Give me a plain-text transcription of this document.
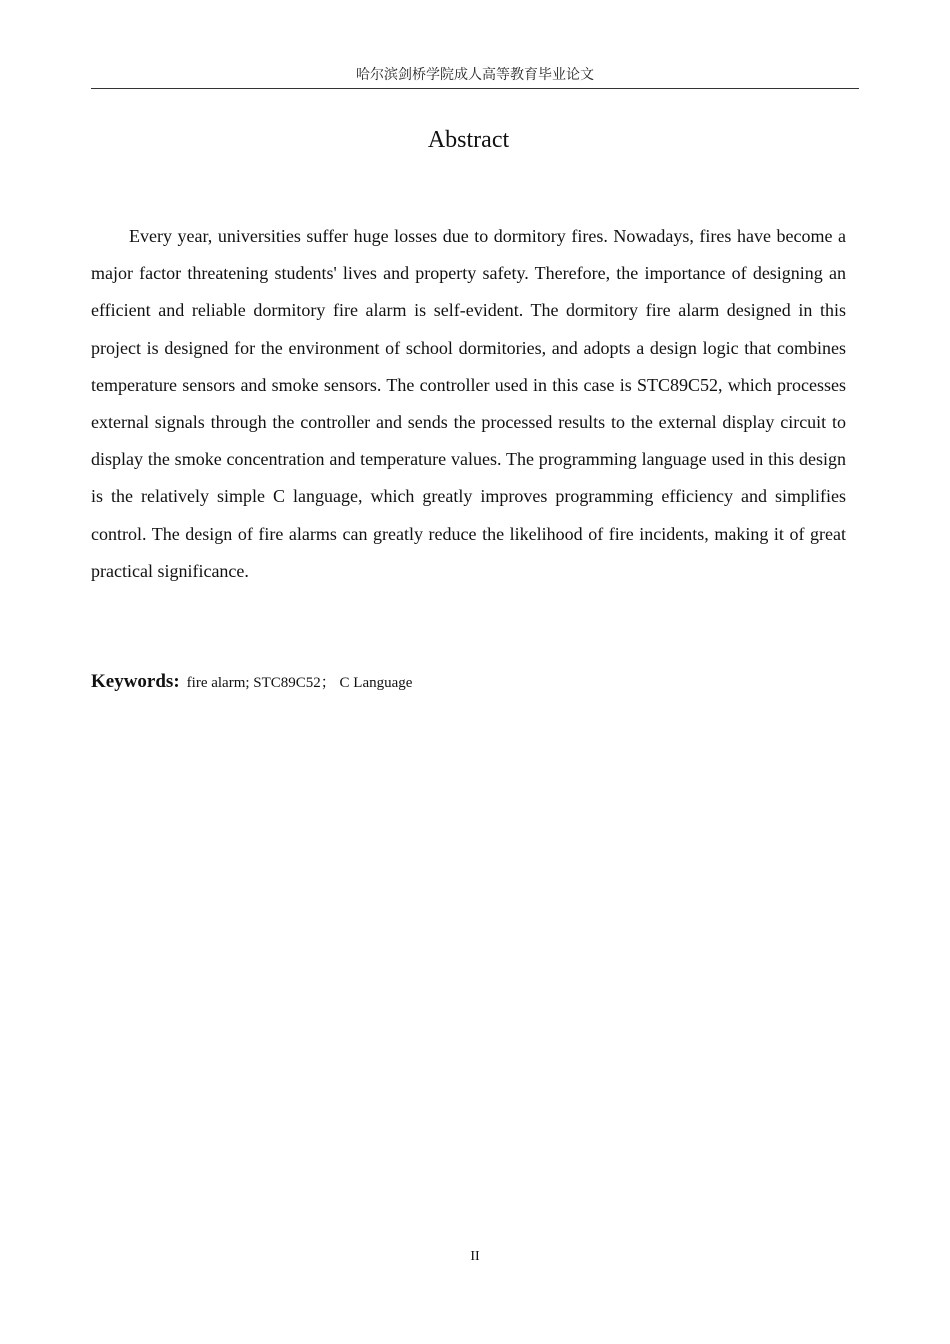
哈尔滨剑桥学院成人高等教育毕业论文
Abstract

Every year, universities suffer huge losses due to dormitory fires. Nowadays, fires have become a major factor threatening students' lives and property safety. Therefore, the importance of designing an efficient and reliable dormitory fire alarm is self-evident. The dormitory fire alarm designed in this project is designed for the environment of school dormitories, and adopts a design logic that combines temperature sensors and smoke sensors. The controller used in this case is STC89C52, which processes external signals through the controller and sends the processed results to the external display circuit to display the smoke concentration and temperature values. The programming language used in this design is the relatively simple C language, which greatly improves programming efficiency and simplifies control. The design of fire alarms can greatly reduce the likelihood of fire incidents, making it of great practical significance.

Keywords: fire alarm; STC89C52； C Language

II
